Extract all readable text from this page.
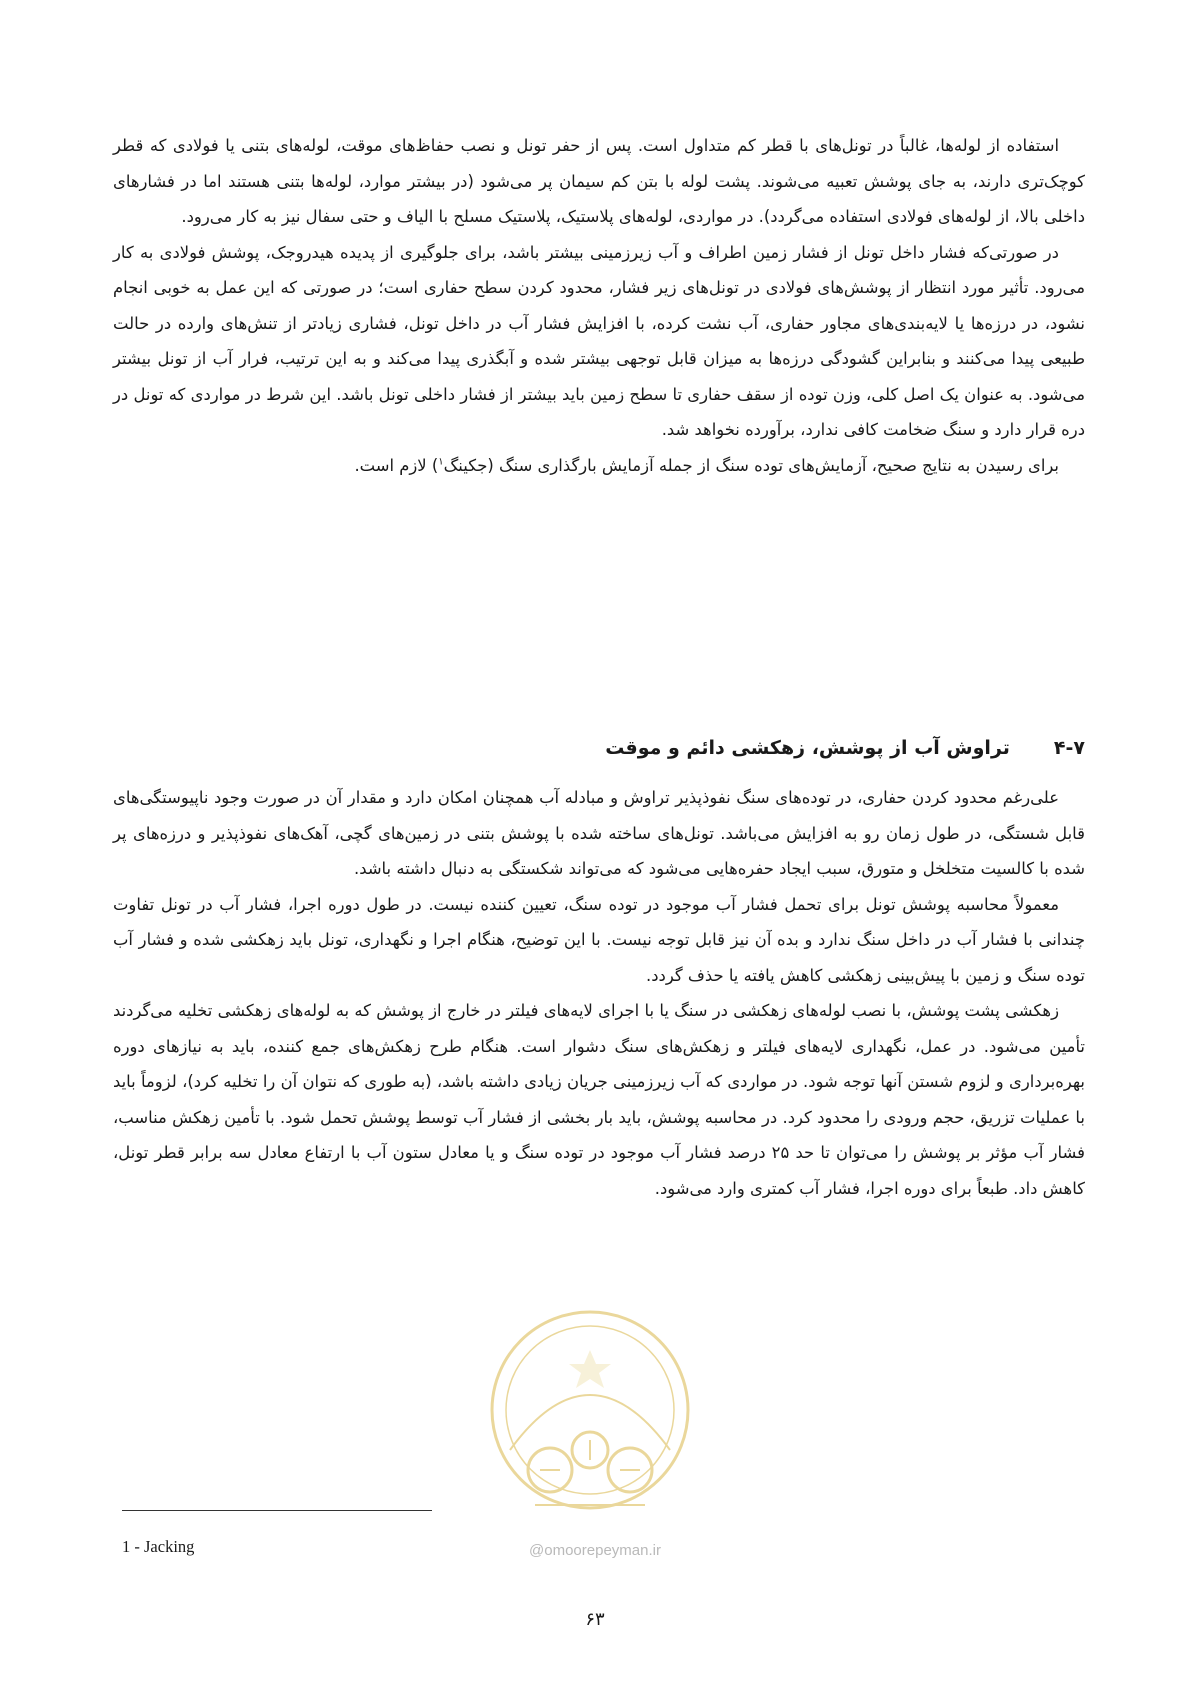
استفاده از لوله‌ها، غالباً در تونل‌های با قطر کم متداول است. پس از حفر تونل و نصب حفاظ‌های موقت، لوله‌های بتنی یا فولادی که قطر کوچک‌تری دارند، به جای پوشش تعبیه می‌شوند. پشت لوله با بتن کم سیمان پر می‌شود (در بیشتر موارد، لوله‌ها بتنی هستند اما در فشارهای داخلی بالا، از لوله‌های فولادی استفاده می‌گردد). در مواردی، لوله‌های پلاستیک، پلاستیک مسلح با الیاف و حتی سفال نیز به کار می‌رود.

در صورتی‌که فشار داخل تونل از فشار زمین اطراف و آب زیرزمینی بیشتر باشد، برای جلوگیری از پدیده هیدروجک، پوشش فولادی به کار می‌رود. تأثیر مورد انتظار از پوشش‌های فولادی در تونل‌های زیر فشار، محدود کردن سطح حفاری است؛ در صورتی که این عمل به خوبی انجام نشود، در درزه‌ها یا لایه‌بندی‌های مجاور حفاری، آب نشت کرده، با افزایش فشار آب در داخل تونل، فشاری زیادتر از تنش‌های وارده در حالت طبیعی پیدا می‌کنند و بنابراین گشودگی درزه‌ها به میزان قابل توجهی بیشتر شده و آبگذری پیدا می‌کند و به این ترتیب، فرار آب از تونل بیشتر می‌شود. به عنوان یک اصل کلی، وزن توده از سقف حفاری تا سطح زمین باید بیشتر از فشار داخلی تونل باشد. این شرط در مواردی که تونل در دره قرار دارد و سنگ ضخامت کافی ندارد، برآورده نخواهد شد.

برای رسیدن به نتایج صحیح، آزمایش‌های توده سنگ از جمله آزمایش بارگذاری سنگ (جکینگ$^۱$) لازم است.

۴-۷تراوش آب از پوشش، زهکشی دائم و موقت

علی‌رغم محدود کردن حفاری، در توده‌های سنگ نفوذپذیر تراوش و مبادله آب همچنان امکان دارد و مقدار آن در صورت وجود ناپیوستگی‌های قابل شستگی، در طول زمان رو به افزایش می‌باشد. تونل‌های ساخته شده با پوشش بتنی در زمین‌های گچی، آهک‌های نفوذپذیر و درزه‌های پر شده با کالسیت متخلخل و متورق، سبب ایجاد حفره‌هایی می‌شود که می‌تواند شکستگی به دنبال داشته باشد.

معمولاً محاسبه پوشش تونل برای تحمل فشار آب موجود در توده سنگ، تعیین کننده نیست. در طول دوره اجرا، فشار آب در تونل تفاوت چندانی با فشار آب در داخل سنگ ندارد و بده آن نیز قابل توجه نیست. با این توضیح، هنگام اجرا و نگهداری، تونل باید زهکشی شده و فشار آب توده سنگ و زمین با پیش‌بینی زهکشی کاهش یافته یا حذف گردد.

زهکشی پشت پوشش، با نصب لوله‌های زهکشی در سنگ یا با اجرای لایه‌های فیلتر در خارج از پوشش که به لوله‌های زهکشی تخلیه می‌گردند تأمین می‌شود. در عمل، نگهداری لایه‌های فیلتر و زهکش‌های سنگ دشوار است. هنگام طرح زهکش‌های جمع کننده، باید به نیازهای دوره بهره‌برداری و لزوم شستن آنها توجه شود. در مواردی که آب زیرزمینی جریان زیادی داشته باشد، (به طوری که نتوان آن را تخلیه کرد)، لزوماً باید با عملیات تزریق، حجم ورودی را محدود کرد. در محاسبه پوشش، باید بار بخشی از فشار آب توسط پوشش تحمل شود. با تأمین زهکش مناسب، فشار آب مؤثر بر پوشش را می‌توان تا حد ۲۵ درصد فشار آب موجود در توده سنگ و یا معادل ستون آب با ارتفاع معادل سه برابر قطر تونل، کاهش داد. طبعاً برای دوره اجرا، فشار آب کمتری وارد می‌شود.

@omoorepeyman.ir
1 - Jacking
۶۳
